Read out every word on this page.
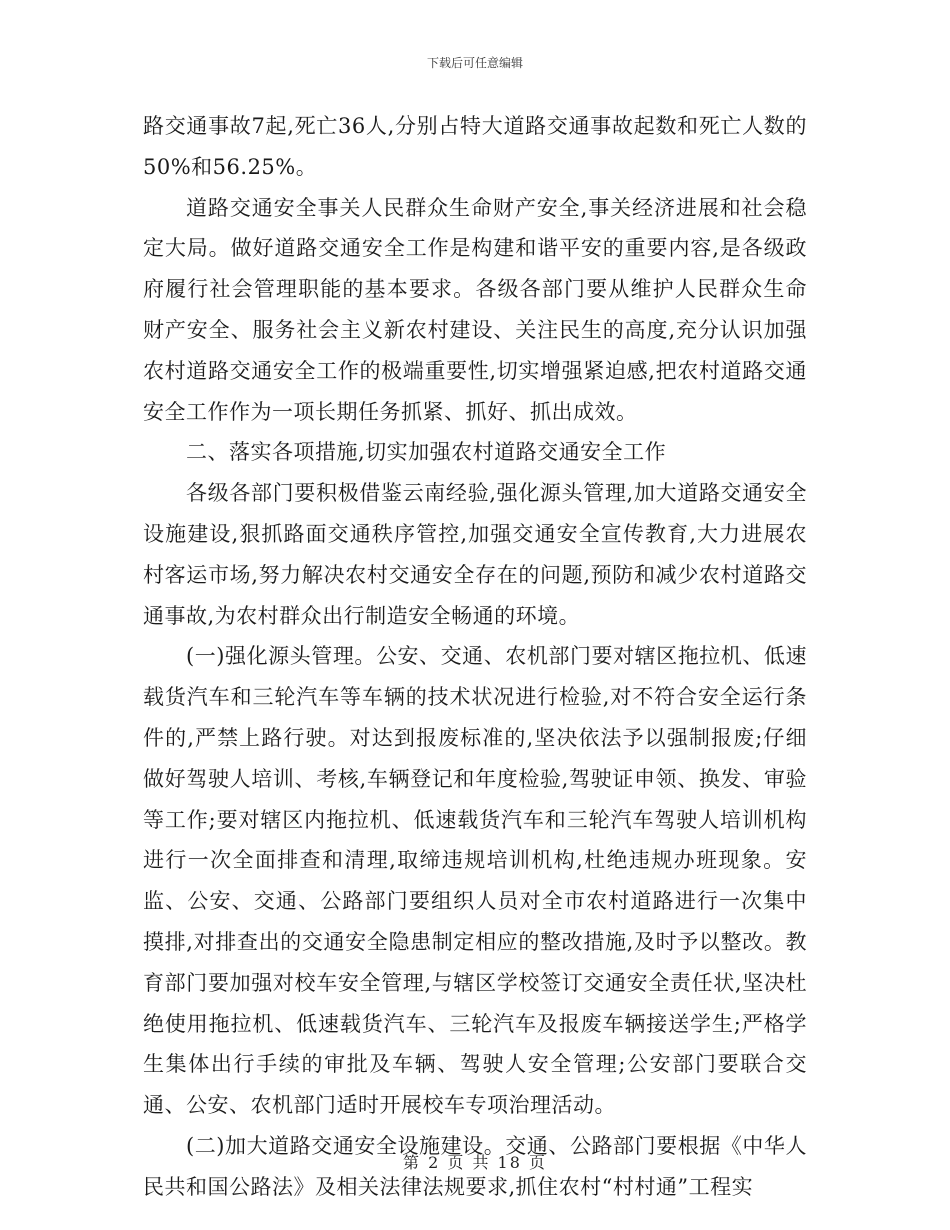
下载后可任意编辑

路交通事故7起,死亡36人,分别占特大道路交通事故起数和死亡人数的50%和56.25%。

道路交通安全事关人民群众生命财产安全,事关经济进展和社会稳定大局。做好道路交通安全工作是构建和谐平安的重要内容,是各级政府履行社会管理职能的基本要求。各级各部门要从维护人民群众生命财产安全、服务社会主义新农村建设、关注民生的高度,充分认识加强农村道路交通安全工作的极端重要性,切实增强紧迫感,把农村道路交通安全工作作为一项长期任务抓紧、抓好、抓出成效。

二、落实各项措施,切实加强农村道路交通安全工作

各级各部门要积极借鉴云南经验,强化源头管理,加大道路交通安全设施建设,狠抓路面交通秩序管控,加强交通安全宣传教育,大力进展农村客运市场,努力解决农村交通安全存在的问题,预防和减少农村道路交通事故,为农村群众出行制造安全畅通的环境。

(一)强化源头管理。公安、交通、农机部门要对辖区拖拉机、低速载货汽车和三轮汽车等车辆的技术状况进行检验,对不符合安全运行条件的,严禁上路行驶。对达到报废标准的,坚决依法予以强制报废;仔细做好驾驶人培训、考核,车辆登记和年度检验,驾驶证申领、换发、审验等工作;要对辖区内拖拉机、低速载货汽车和三轮汽车驾驶人培训机构进行一次全面排查和清理,取缔违规培训机构,杜绝违规办班现象。安监、公安、交通、公路部门要组织人员对全市农村道路进行一次集中摸排,对排查出的交通安全隐患制定相应的整改措施,及时予以整改。教育部门要加强对校车安全管理,与辖区学校签订交通安全责任状,坚决杜绝使用拖拉机、低速载货汽车、三轮汽车及报废车辆接送学生;严格学生集体出行手续的审批及车辆、驾驶人安全管理;公安部门要联合交通、公安、农机部门适时开展校车专项治理活动。

(二)加大道路交通安全设施建设。交通、公路部门要根据《中华人民共和国公路法》及相关法律法规要求,抓住农村“村村通”工程实

第 2 页 共 18 页
